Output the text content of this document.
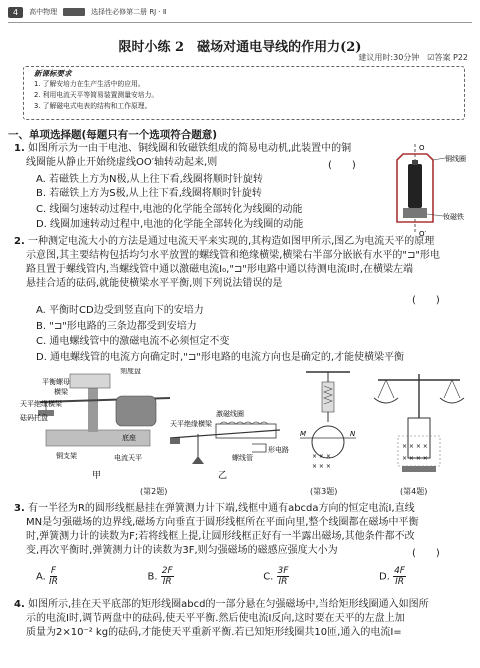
4	高中物理	选择性必修第二册 RJ · Ⅱ
限时小练 2　磁场对通电导线的作用力(2)
建议用时:30分钟 ☑答案 P22
新课标要求
1. 了解安培力在生产生活中的应用。
2. 利用电流天平等简易装置测量安培力。
3. 了解磁电式电表的结构和工作原理。
一、单项选择题(每题只有一个选项符合题意)
1. 如图所示为一由干电池、铜线圈和钕磁铁组成的简易电动机,此装置中的铜
线圈能从静止开始绕虚线OO′轴转动起来,则	(　　)
A. 若磁铁上方为N极,从上往下看,线圈将顺时针旋转
B. 若磁铁上方为S极,从上往下看,线圈将顺时针旋转
C. 线圈匀速转动过程中,电池的化学能全部转化为线圈的动能
D. 线圈加速转动过程中,电池的化学能全部转化为线圈的动能
O
O′
铜线圈
钕磁铁
2. 一种测定电流大小的方法是通过电流天平来实现的,其构造如图甲所示,图乙为电流天平的原理
示意图,其主要结构包括均匀水平放置的螺线管和绝缘横梁,横梁右半部分嵌嵌有水平的"⊐"形电
路且置于螺线管内,当螺线管中通以激磁电流I₀,"⊐"形电路中通以待测电流I时,在横梁左端
悬挂合适的砝码,就能使横梁水平平衡,则下列说法错误的是
(　　)
A. 平衡时CD边受到竖直向下的安培力
B. "⊐"形电路的三条边都受到安培力
C. 通电螺线管中的激磁电流不必须恒定不变
D. 通电螺线管的电流方向确定时,"⊐"形电路的电流方向也是确定的,才能使横梁平衡
刻度盘
平衡螺母
横梁
天平绝缘横梁
砝码托盘
铜支架
底座
电流天平
甲
激磁线圈
天平绝缘横梁
螺线管
形电路
乙
M	N
× × ×
× × ×
× × × ×
× × × ×
(第2题)	(第3题)	(第4题)
3. 有一半径为R的圆形线框悬挂在弹簧测力计下端,线框中通有abcda方向的恒定电流I,直线
MN是匀强磁场的边界线,磁场方向垂直于圆形线框所在平面向里,整个线圈都在磁场中平衡
时,弹簧测力计的读数为F;若将线框上提,让圆形线框正好有一半露出磁场,其他条件都不改
变,再次平衡时,弹簧测力计的读数为3F,则匀强磁场的磁感应强度大小为	(　　)
A. $\frac{F}{IR}$	B. $\frac{2F}{IR}$	C. $\frac{3F}{IR}$	D. $\frac{4F}{IR}$
4. 如图所示,挂在天平底部的矩形线圈abcd的一部分悬在匀强磁场中,当给矩形线圈通入如图所
示的电流I时,调节两盘中的砝码,使天平平衡.然后使电流I反向,这时要在天平的左盘上加
质量为2×10⁻² kg的砝码,才能使天平重新平衡.若已知矩形线圈共10匝,通入的电流I=
